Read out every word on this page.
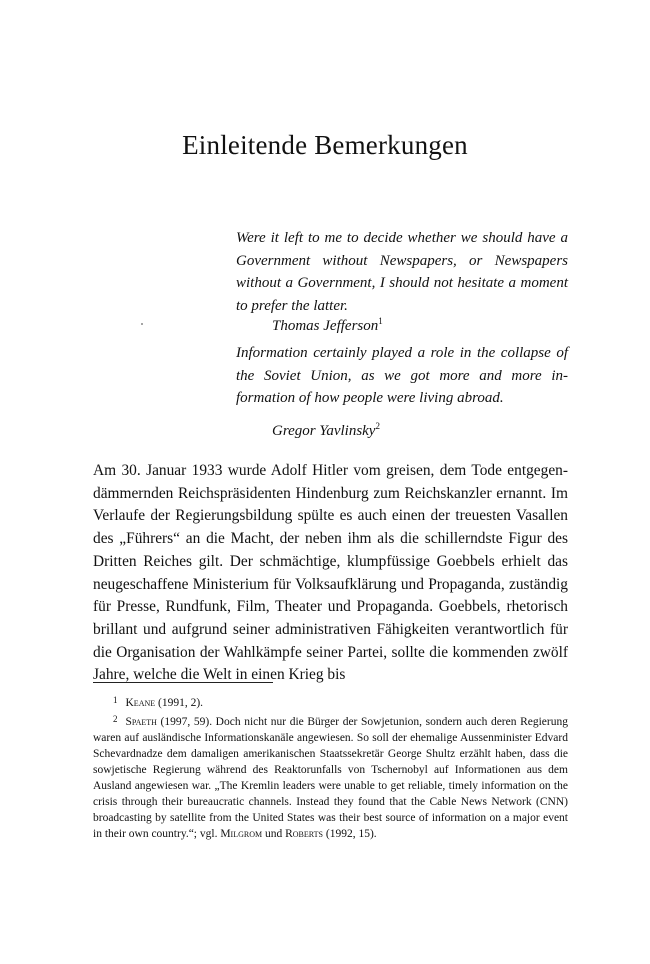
Einleitende Bemerkungen
Were it left to me to decide whether we should have a Government without Newspapers, or Newspapers without a Government, I should not hesitate a moment to prefer the latter.
Thomas Jefferson$^1$
Information certainly played a role in the collapse of the Soviet Union, as we got more and more information of how people were living abroad.
Gregor Yavlinsky$^2$
Am 30. Januar 1933 wurde Adolf Hitler vom greisen, dem Tode entgegendämmernden Reichspräsidenten Hindenburg zum Reichskanzler ernannt. Im Verlaufe der Regierungsbildung spülte es auch einen der treuesten Vasallen des „Führers“ an die Macht, der neben ihm als die schillerndste Figur des Dritten Reiches gilt. Der schmächtige, klumpfüssige Goebbels erhielt das neugeschaffene Ministerium für Volksaufklärung und Propaganda, zuständig für Presse, Rundfunk, Film, Theater und Propaganda. Goebbels, rhetorisch brillant und aufgrund seiner administrativen Fähigkeiten verantwortlich für die Organisation der Wahlkämpfe seiner Partei, sollte die kommenden zwölf Jahre, welche die Welt in einen Krieg bis

$^1$ Keane (1991, 2).

$^2$ Spaeth (1997, 59). Doch nicht nur die Bürger der Sowjetunion, sondern auch deren Regierung waren auf ausländische Informationskanäle angewiesen. So soll der ehemalige Aussenminister Edvard Schevardnadze dem damaligen amerikanischen Staatssekretär George Shultz erzählt haben, dass die sowjetische Regierung während des Reaktorunfalls von Tschernobyl auf Informationen aus dem Ausland angewiesen war. „The Kremlin leaders were unable to get reliable, timely information on the crisis through their bureaucratic channels. Instead they found that the Cable News Network (CNN) broadcasting by satellite from the United States was their best source of information on a major event in their own country.“; vgl. Milgrom und Roberts (1992, 15).
